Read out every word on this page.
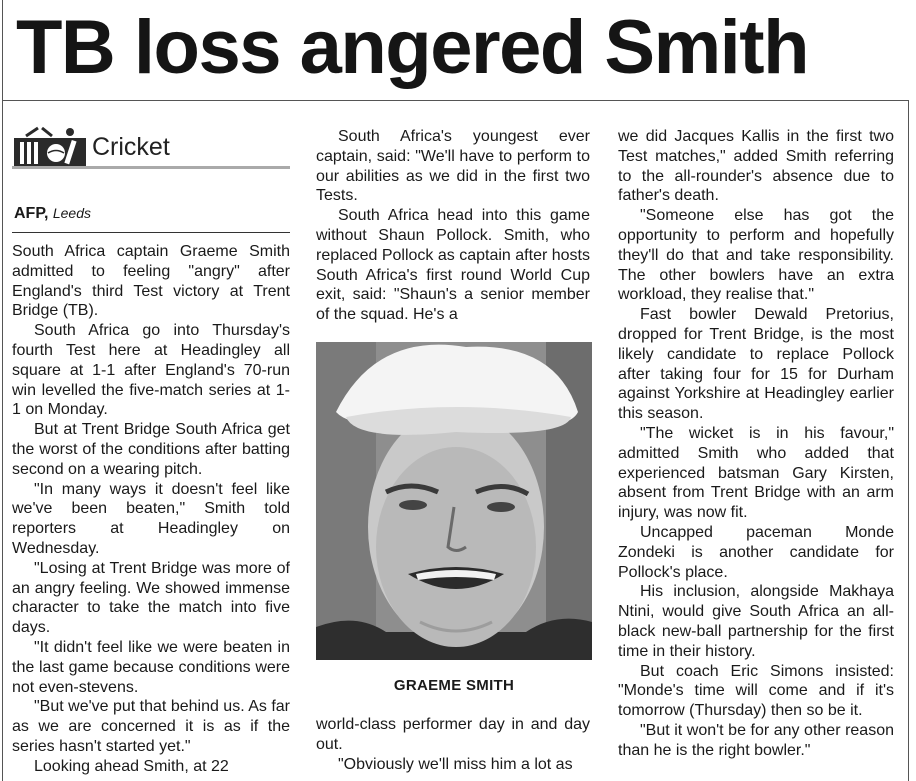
TB loss angered Smith
Cricket
AFP, Leeds

South Africa captain Graeme Smith admitted to feeling "angry" after England's third Test victory at Trent Bridge (TB).

South Africa go into Thursday's fourth Test here at Headingley all square at 1-1 after England's 70-run win levelled the five-match series at 1-1 on Monday.

But at Trent Bridge South Africa get the worst of the conditions after batting second on a wearing pitch.

"In many ways it doesn't feel like we've been beaten," Smith told reporters at Headingley on Wednesday.

"Losing at Trent Bridge was more of an angry feeling. We showed immense character to take the match into five days.

"It didn't feel like we were beaten in the last game because conditions were not even-stevens.

"But we've put that behind us. As far as we are concerned it is as if the series hasn't started yet."

Looking ahead Smith, at 22

South Africa's youngest ever captain, said: "We'll have to perform to our abilities as we did in the first two Tests.

South Africa head into this game without Shaun Pollock. Smith, who replaced Pollock as captain after hosts South Africa's first round World Cup exit, said: "Shaun's a senior member of the squad. He's a

GRAEME SMITH

world-class performer day in and day out.

"Obviously we'll miss him a lot as

we did Jacques Kallis in the first two Test matches," added Smith referring to the all-rounder's absence due to father's death.

"Someone else has got the opportunity to perform and hopefully they'll do that and take responsibility. The other bowlers have an extra workload, they realise that."

Fast bowler Dewald Pretorius, dropped for Trent Bridge, is the most likely candidate to replace Pollock after taking four for 15 for Durham against Yorkshire at Headingley earlier this season.

"The wicket is in his favour," admitted Smith who added that experienced batsman Gary Kirsten, absent from Trent Bridge with an arm injury, was now fit.

Uncapped paceman Monde Zondeki is another candidate for Pollock's place.

His inclusion, alongside Makhaya Ntini, would give South Africa an all-black new-ball partnership for the first time in their history.

But coach Eric Simons insisted: "Monde's time will come and if it's tomorrow (Thursday) then so be it.

"But it won't be for any other reason than he is the right bowler."
